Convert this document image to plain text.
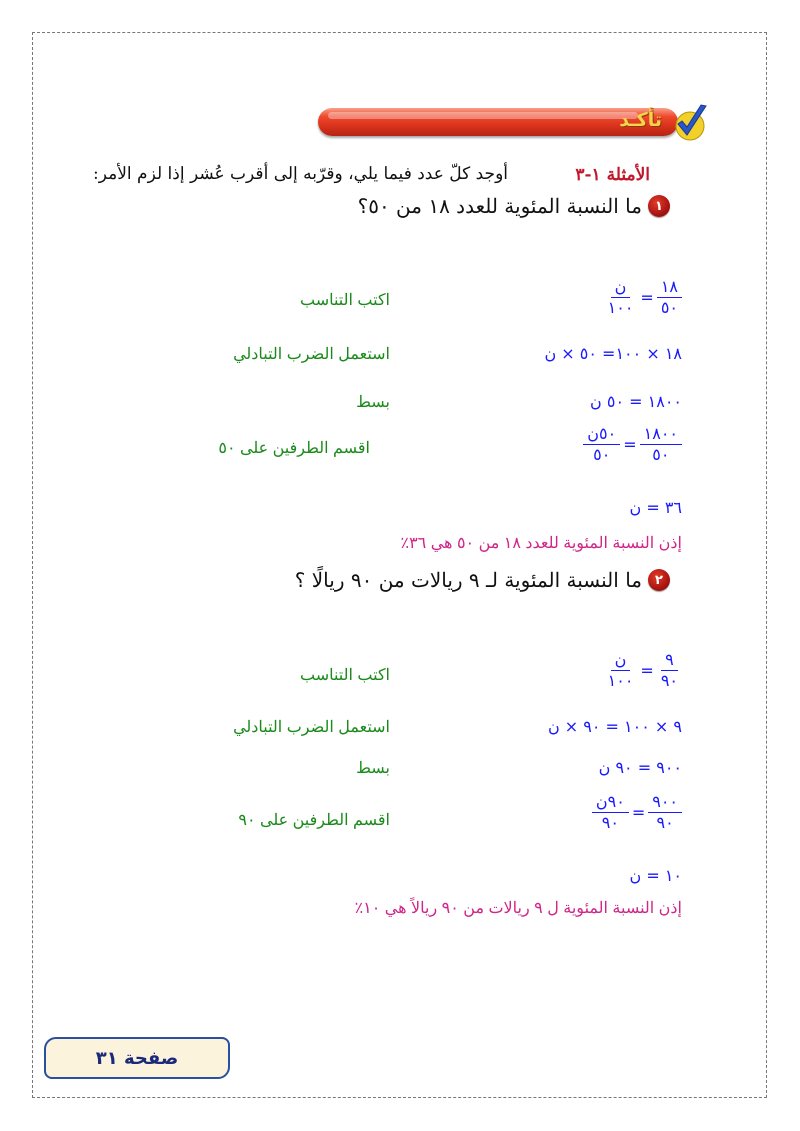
تأكـد
الأمثلة ١-٣
أوجد كلّ عدد فيما يلي، وقرّبه إلى أقرب عُشر إذا لزم الأمر:
١
ما النسبة المئوية للعدد ١٨ من ٥٠؟
$\frac{١٨}{٥٠}$
=
$\frac{\text{ن}}{١٠٠}$
اكتب التناسب
١٨ × ١٠٠= ٥٠ × ن
استعمل الضرب التبادلي
١٨٠٠ = ٥٠ ن
بسط
$\frac{١٨٠٠}{٥٠}$
=
$\frac{\text{٥٠ن}}{٥٠}$
اقسم الطرفين على ٥٠
٣٦ = ن
إذن النسبة المئوية للعدد ١٨ من ٥٠ هي ٣٦٪
٢
ما النسبة المئوية لـ ٩ ريالات من ٩٠ ريالًا ؟
$\frac{٩}{٩٠}$
=
$\frac{\text{ن}}{١٠٠}$
اكتب التناسب
٩ × ١٠٠ = ٩٠ × ن
استعمل الضرب التبادلي
٩٠٠ = ٩٠ ن
بسط
$\frac{٩٠٠}{٩٠}$
=
$\frac{\text{٩٠ن}}{٩٠}$
اقسم الطرفين على ٩٠
١٠ = ن
إذن النسبة المئوية ل ٩ ريالات من ٩٠ ريالاً هي ١٠٪
صفحة ٣١
